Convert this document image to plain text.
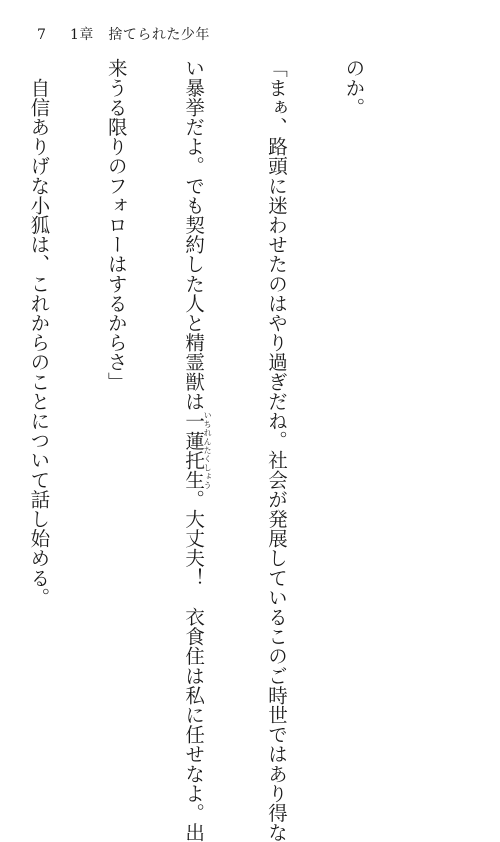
7 1章　捨てられた少年

のか。

「まぁ、路頭に迷わせたのはやり過ぎだね。社会が発展しているこのご時世ではあり得な

い暴挙だよ。でも契約した人と精霊獣は一蓮托生いちれんたくしょう。大丈夫！　衣食住は私に任せなよ。出

来うる限りのフォローはするからさ」

　自信ありげな小狐は、これからのことについて話し始める。
